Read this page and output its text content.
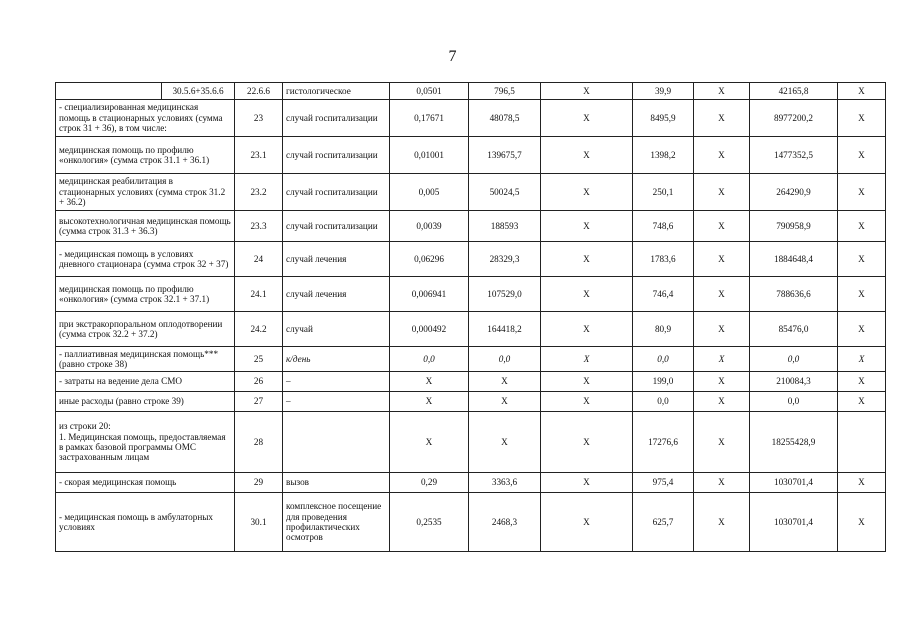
7
	30.5.6+35.6.6	22.6.6	гистологическое	0,0501	796,5	X	39,9	X	42165,8	X
- специализированная медицинская помощь в стационарных условиях (сумма строк 31 + 36), в том числе:		23	случай госпитализации	0,17671	48078,5	X	8495,9	X	8977200,2	X
медицинская помощь по профилю «онкология» (сумма строк 31.1 + 36.1)		23.1	случай госпитализации	0,01001	139675,7	X	1398,2	X	1477352,5	X
медицинская реабилитация в стационарных условиях (сумма строк 31.2 + 36.2)		23.2	случай госпитализации	0,005	50024,5	X	250,1	X	264290,9	X
высокотехнологичная медицинская помощь (сумма строк 31.3 + 36.3)		23.3	случай госпитализации	0,0039	188593	X	748,6	X	790958,9	X
- медицинская помощь в условиях дневного стационара (сумма строк 32 + 37)		24	случай лечения	0,06296	28329,3	X	1783,6	X	1884648,4	X
медицинская помощь по профилю «онкология» (сумма строк 32.1 + 37.1)		24.1	случай лечения	0,006941	107529,0	X	746,4	X	788636,6	X
при экстракорпоральном оплодотворении (сумма строк 32.2 + 37.2)		24.2	случай	0,000492	164418,2	X	80,9	X	85476,0	X
- паллиативная медицинская помощь*** (равно строке 38)		25	к/день	0,0	0,0	X	0,0	X	0,0	X
- затраты на ведение дела СМО		26	–	X	X	X	199,0	X	210084,3	X
иные расходы (равно строке 39)		27	–	X	X	X	0,0	X	0,0	X
из строки 20:
1. Медицинская помощь, предоставляемая в рамках базовой программы ОМС застрахованным лицам		28		X	X	X	17276,6	X	18255428,9	
- скорая медицинская помощь		29	вызов	0,29	3363,6	X	975,4	X	1030701,4	X
- медицинская помощь в амбулаторных условиях		30.1	комплексное посещение для проведения профилактических осмотров	0,2535	2468,3	X	625,7	X	1030701,4	X
